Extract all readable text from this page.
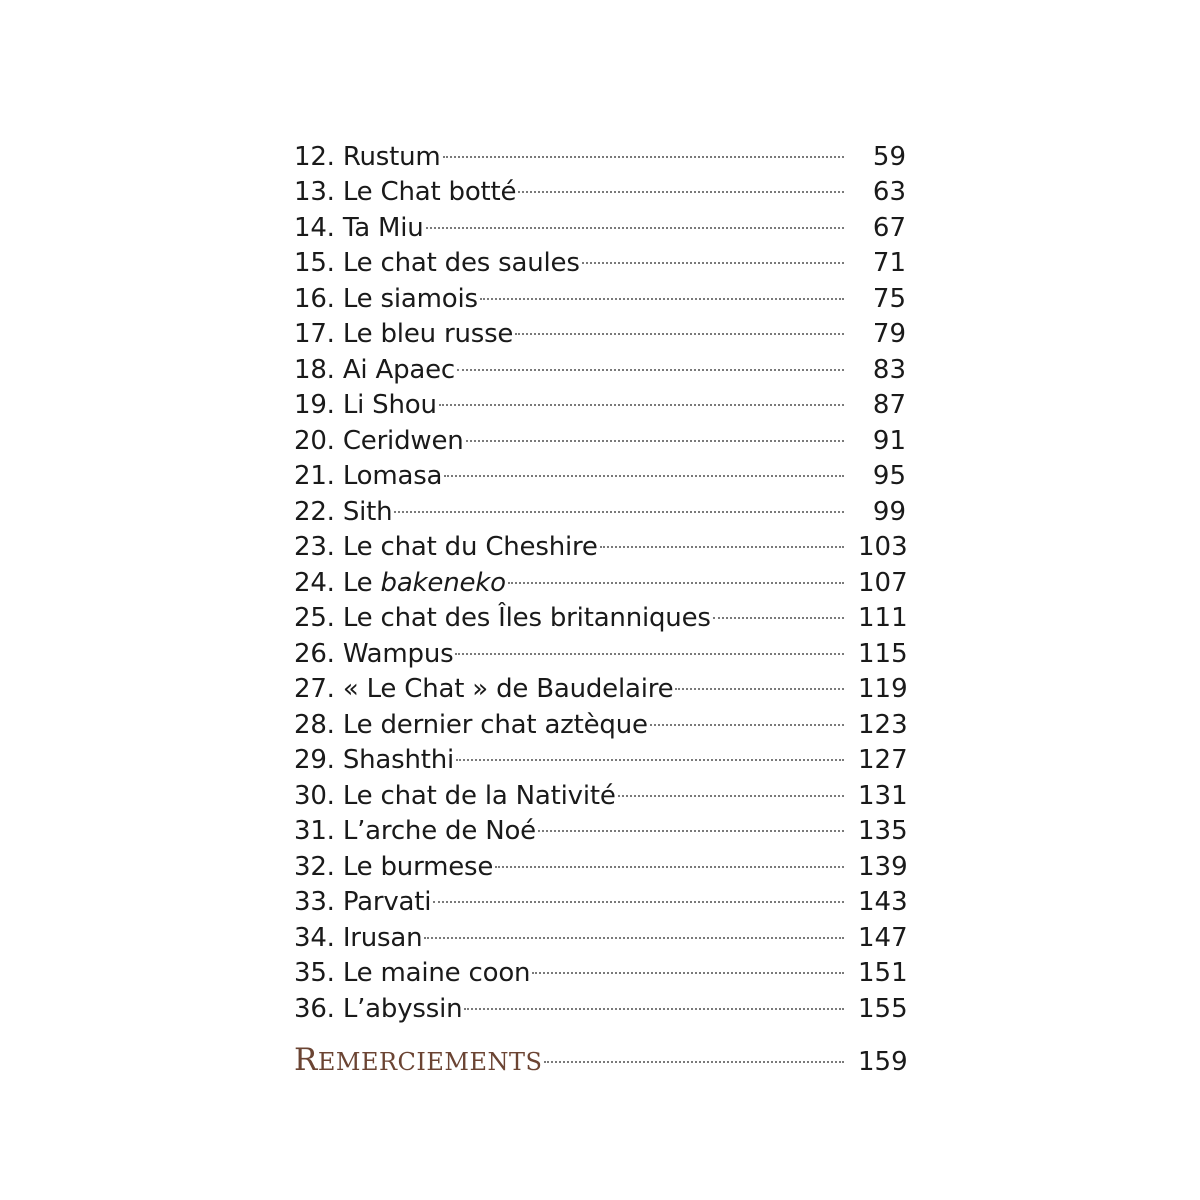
12. Rustum	59
13. Le Chat botté	63
14. Ta Miu	67
15. Le chat des saules	71
16. Le siamois	75
17. Le bleu russe	79
18. Ai Apaec	83
19. Li Shou	87
20. Ceridwen	91
21. Lomasa	95
22. Sith	99
23. Le chat du Cheshire	103
24. Le bakeneko	107
25. Le chat des Îles britanniques	111
26. Wampus	115
27. « Le Chat » de Baudelaire	119
28. Le dernier chat aztèque	123
29. Shashthi	127
30. Le chat de la Nativité	131
31. L’arche de Noé	135
32. Le burmese	139
33. Parvati	143
34. Irusan	147
35. Le maine coon	151
36. L’abyssin	155
REMERCIEMENTS	159
